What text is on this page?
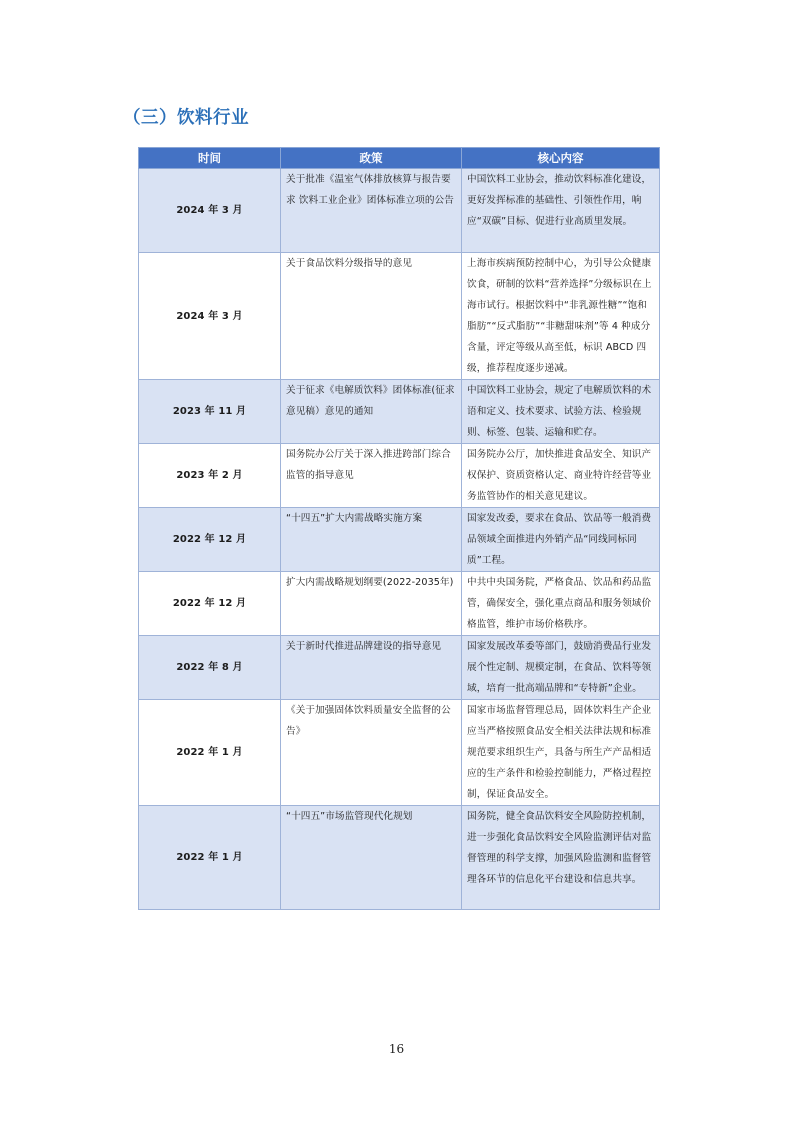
（三）饮料行业
时间	政策	核心内容
2024 年 3 月	关于批准《温室气体排放核算与报告要求 饮料工业企业》团体标准立项的公告	中国饮料工业协会，推动饮料标准化建设，更好发挥标准的基础性、引领性作用，响应“双碳”目标、促进行业高质里发展。
2024 年 3 月	关于食品饮料分级指导的意见	上海市疾病预防控制中心，为引导公众健康饮食，研制的饮料“营养选择”分级标识在上海市试行。根据饮料中“非乳源性糖”“饱和脂肪”“反式脂肪”“非糖甜味剂”等 4 种成分含量，评定等级从高至低，标识 ABCD 四级，推荐程度逐步递减。
2023 年 11 月	关于征求《电解质饮料》团体标准(征求意见稿）意见的通知	中国饮料工业协会，规定了电解质饮料的术语和定义、技术要求、试验方法、检验规则、标签、包装、运输和贮存。
2023 年 2 月	国务院办公厅关于深入推进跨部门综合监管的指导意见	国务院办公厅，加快推进食品安全、知识产权保护、资质资格认定、商业特许经营等业务监管协作的相关意见建议。
2022 年 12 月	“十四五”扩大内需战略实施方案	国家发改委，要求在食品、饮品等一般消费品领域全面推进内外销产品“同线同标同质”工程。
2022 年 12 月	扩大内需战略规划纲要(2022-2035年)	中共中央国务院，严格食品、饮品和药品监管，确保安全，强化重点商品和服务领域价格监管，维护市场价格秩序。
2022 年 8 月	关于新时代推进品牌建设的指导意见	国家发展改革委等部门，鼓励消费品行业发展个性定制、规模定制，在食品、饮料等领域，培育一批高端品牌和“专特新”企业。
2022 年 1 月	《关于加强固体饮料质量安全监督的公告》	国家市场监督管理总局，固体饮料生产企业应当严格按照食品安全相关法律法规和标准规范要求组织生产，具备与所生产产品相适应的生产条件和检验控制能力，严格过程控制，保证食品安全。
2022 年 1 月	“十四五”市场监管现代化规划	国务院，健全食品饮料安全风险防控机制，进一步强化食品饮料安全风险监测评估对监督管理的科学支撑，加强风险监测和监督管理各环节的信息化平台建设和信息共享。
16
